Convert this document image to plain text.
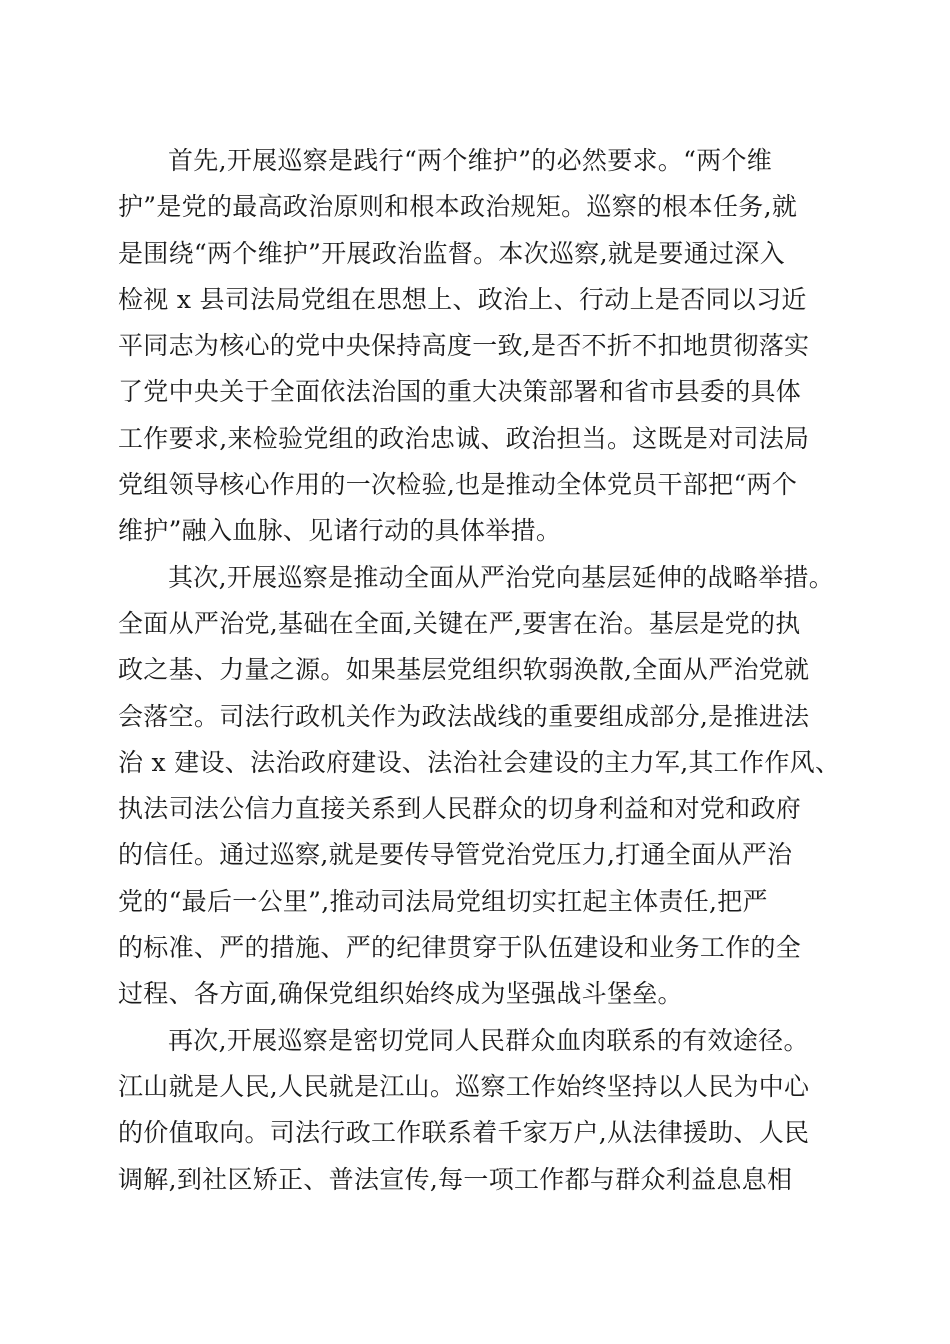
首先,开展巡察是践行“两个维护”的必然要求。“两个维
护”是党的最高政治原则和根本政治规矩。巡察的根本任务,就
是围绕“两个维护”开展政治监督。本次巡察,就是要通过深入
检视 x 县司法局党组在思想上、政治上、行动上是否同以习近
平同志为核心的党中央保持高度一致,是否不折不扣地贯彻落实
了党中央关于全面依法治国的重大决策部署和省市县委的具体
工作要求,来检验党组的政治忠诚、政治担当。这既是对司法局
党组领导核心作用的一次检验,也是推动全体党员干部把“两个
维护”融入血脉、见诸行动的具体举措。
其次,开展巡察是推动全面从严治党向基层延伸的战略举措。
全面从严治党,基础在全面,关键在严,要害在治。基层是党的执
政之基、力量之源。如果基层党组织软弱涣散,全面从严治党就
会落空。司法行政机关作为政法战线的重要组成部分,是推进法
治 x 建设、法治政府建设、法治社会建设的主力军,其工作作风、
执法司法公信力直接关系到人民群众的切身利益和对党和政府
的信任。通过巡察,就是要传导管党治党压力,打通全面从严治
党的“最后一公里”,推动司法局党组切实扛起主体责任,把严
的标准、严的措施、严的纪律贯穿于队伍建设和业务工作的全
过程、各方面,确保党组织始终成为坚强战斗堡垒。
再次,开展巡察是密切党同人民群众血肉联系的有效途径。
江山就是人民,人民就是江山。巡察工作始终坚持以人民为中心
的价值取向。司法行政工作联系着千家万户,从法律援助、人民
调解,到社区矫正、普法宣传,每一项工作都与群众利益息息相
